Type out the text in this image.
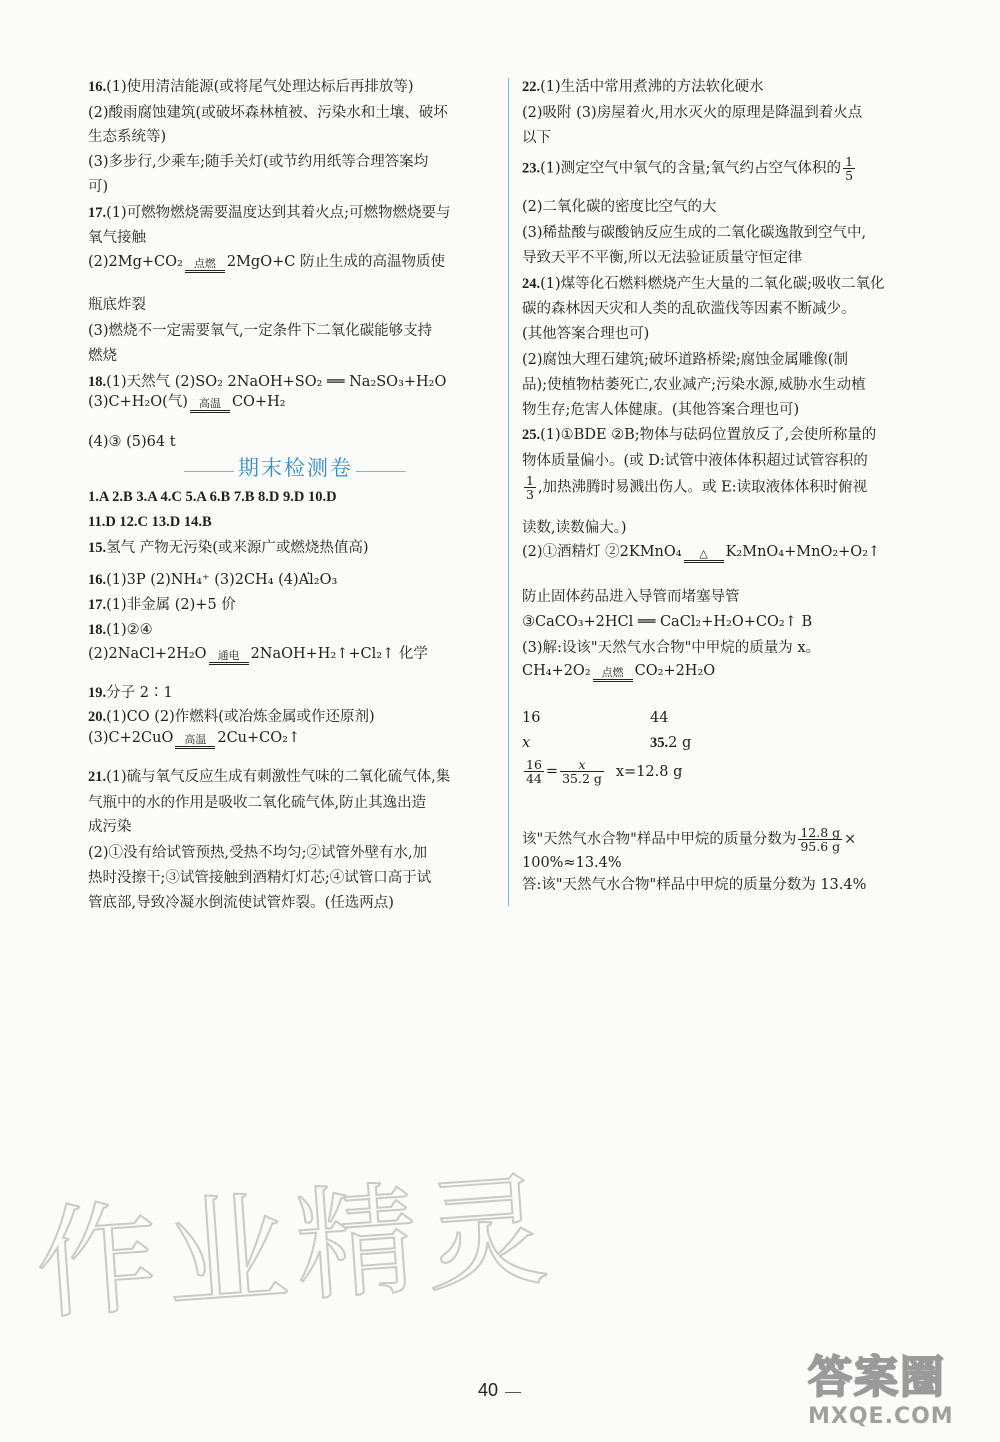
16.(1)使用清洁能源(或将尾气处理达标后再排放等)
(2)酸雨腐蚀建筑(或破坏森林植被、污染水和土壤、破坏
生态系统等)
(3)多步行,少乘车;随手关灯(或节约用纸等合理答案均
可)
17.(1)可燃物燃烧需要温度达到其着火点;可燃物燃烧要与
氧气接触
(2)2Mg+CO₂	点燃 2MgO+C 防止生成的高温物质使
瓶底炸裂
(3)燃烧不一定需要氧气,一定条件下二氧化碳能够支持
燃烧
18.(1)天然气 (2)SO₂ 2NaOH+SO₂ ══ Na₂SO₃+H₂O
(3)C+H₂O(气)	高温 CO+H₂
(4)③ (5)64 t
期末检测卷
1.A 2.B 3.A 4.C 5.A 6.B 7.B 8.D 9.D 10.D
11.D 12.C 13.D 14.B
15.氢气 产物无污染(或来源广或燃烧热值高)
16.(1)3P (2)NH₄⁺ (3)2CH₄ (4)A͘l₂O₃
17.(1)非金属 (2)+5 价
18.(1)②④
(2)2NaCl+2H₂O	通电 2NaOH+H₂↑+Cl₂↑ 化学
19.分子 2∶1
20.(1)CO (2)作燃料(或冶炼金属或作还原剂)
(3)C+2CuO	高温 2Cu+CO₂↑
21.(1)硫与氧气反应生成有刺激性气味的二氧化硫气体,集
气瓶中的水的作用是吸收二氧化硫气体,防止其逸出造
成污染
(2)①没有给试管预热,受热不均匀;②试管外壁有水,加
热时没擦干;③试管接触到酒精灯灯芯;④试管口高于试
管底部,导致冷凝水倒流使试管炸裂。(任选两点)
22.(1)生活中常用煮沸的方法软化硬水
(2)吸附 (3)房屋着火,用水灭火的原理是降温到着火点
以下
23.(1)测定空气中氧气的含量;氧气约占空气体积的 $\frac{1}{5}$
(2)二氧化碳的密度比空气的大
(3)稀盐酸与碳酸钠反应生成的二氧化碳逸散到空气中,
导致天平不平衡,所以无法验证质量守恒定律
24.(1)煤等化石燃料燃烧产生大量的二氧化碳;吸收二氧化
碳的森林因天灾和人类的乱砍滥伐等因素不断减少。
(其他答案合理也可)
(2)腐蚀大理石建筑;破坏道路桥梁;腐蚀金属雕像(制
品);使植物枯萎死亡,农业减产;污染水源,威胁水生动植
物生存;危害人体健康。(其他答案合理也可)
25.(1)①BDE ②B;物体与砝码位置放反了,会使所称量的
物体质量偏小。(或 D:试管中液体体积超过试管容积的
$\frac{1}{3}$ ,加热沸腾时易溅出伤人。或 E:读取液体体积时俯视
读数,读数偏大。)
(2)①酒精灯 ②2KMnO₄	△	K₂MnO₄+MnO₂+O₂↑
防止固体药品进入导管而堵塞导管
③CaCO₃+2HCl ══ CaCl₂+H₂O+CO₂↑ B
(3)解:设该"天然气水合物"中甲烷的质量为 x。
CH₄+2O₂	点燃 CO₂+2H₂O
16	44
x	35.2 g
$\frac{16}{44} = \frac{x}{35.2 g} x=12.8$ g
该"天然气水合物"样品中甲烷的质量分数为 $\frac{12.8 g}{95.6 g}$ ×
100%≈13.4%
答:该"天然气水合物"样品中甲烷的质量分数为 13.4%
40
作业精灵
答案圈
MXQE.COM
